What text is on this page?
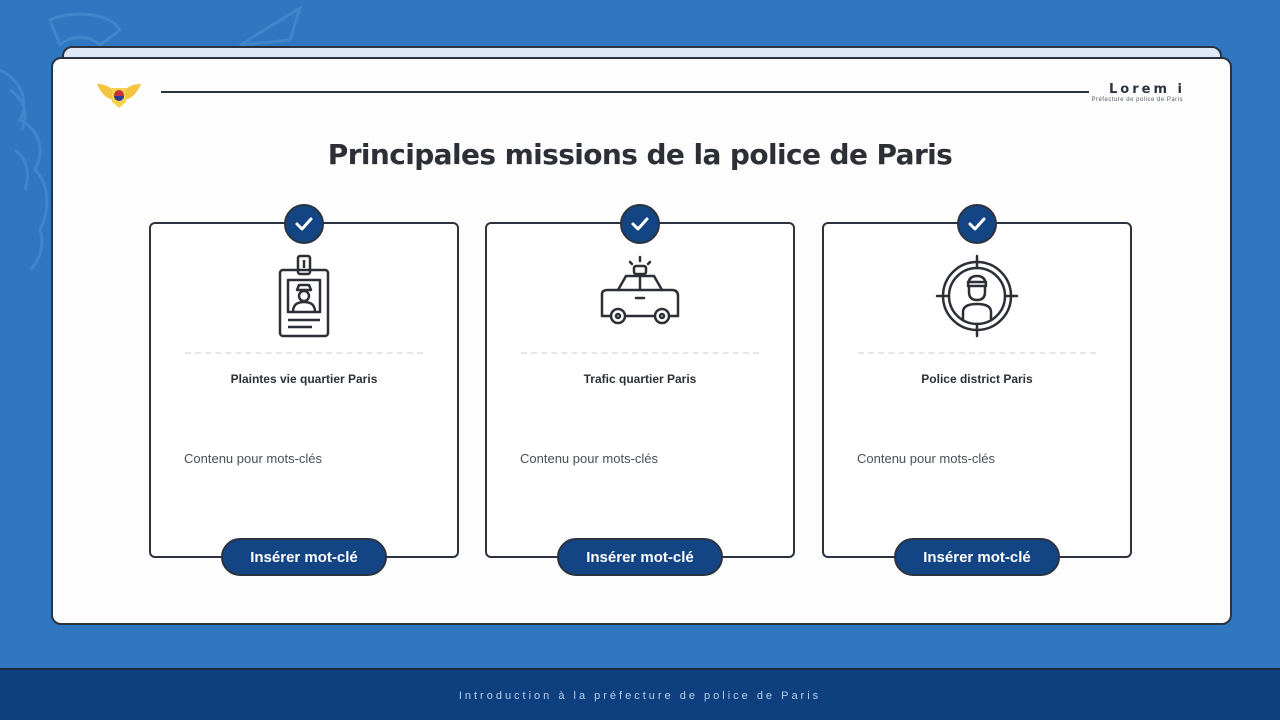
Lorem i
Préfecture de police de Paris
Principales missions de la police de Paris
Plaintes vie quartier Paris
Contenu pour mots-clés
Insérer mot-clé
Trafic quartier Paris
Contenu pour mots-clés
Insérer mot-clé
Police district Paris
Contenu pour mots-clés
Insérer mot-clé
Introduction à la préfecture de police de Paris
